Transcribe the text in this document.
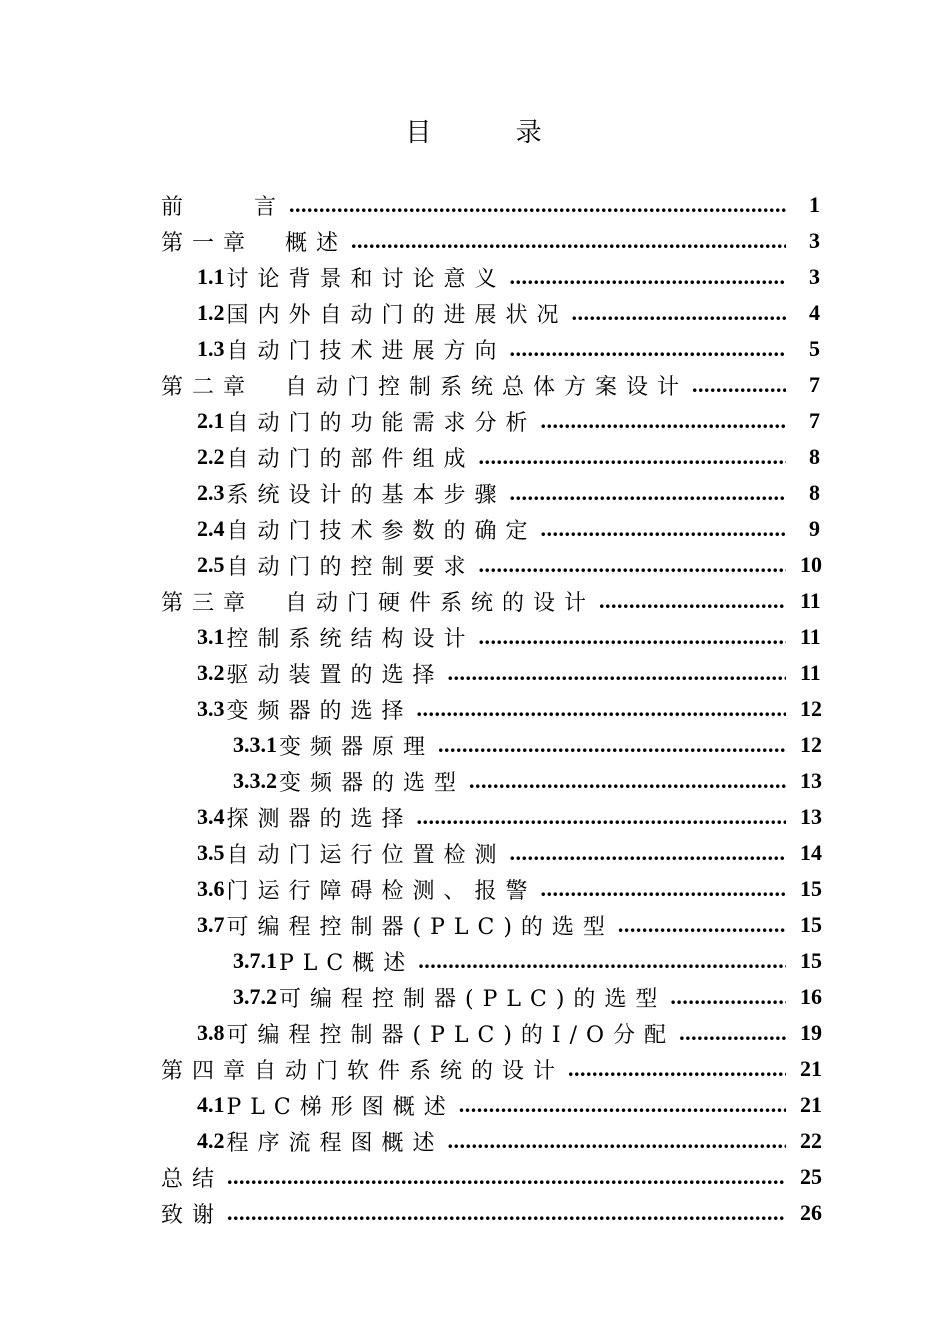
目 录
前　　言 .....	1
第一章　概述 .....	3
1.1 讨论背景和讨论意义 .....	3
1.2 国内外自动门的进展状况 .....	4
1.3 自动门技术进展方向 .....	5
第二章　自动门控制系统总体方案设计 .....	7
2.1 自动门的功能需求分析 .....	7
2.2 自动门的部件组成 .....	8
2.3 系统设计的基本步骤 .....	8
2.4 自动门技术参数的确定 .....	9
2.5 自动门的控制要求 .....	10
第三章　自动门硬件系统的设计 .....	11
3.1 控制系统结构设计 .....	11
3.2 驱动装置的选择 .....	11
3.3 变频器的选择 .....	12
3.3.1 变频器原理 .....	12
3.3.2 变频器的选型 .....	13
3.4 探测器的选择 .....	13
3.5 自动门运行位置检测 .....	14
3.6 门运行障碍检测、报警 .....	15
3.7 可编程控制器(PLC)的选型 .....	15
3.7.1 PLC概述 .....	15
3.7.2 可编程控制器(PLC)的选型 .....	16
3.8 可编程控制器(PLC)的I/O分配 .....	19
第四章自动门软件系统的设计 .....	21
4.1 PLC梯形图概述 .....	21
4.2 程序流程图概述 .....	22
总结 .....	25
致谢 .....	26
